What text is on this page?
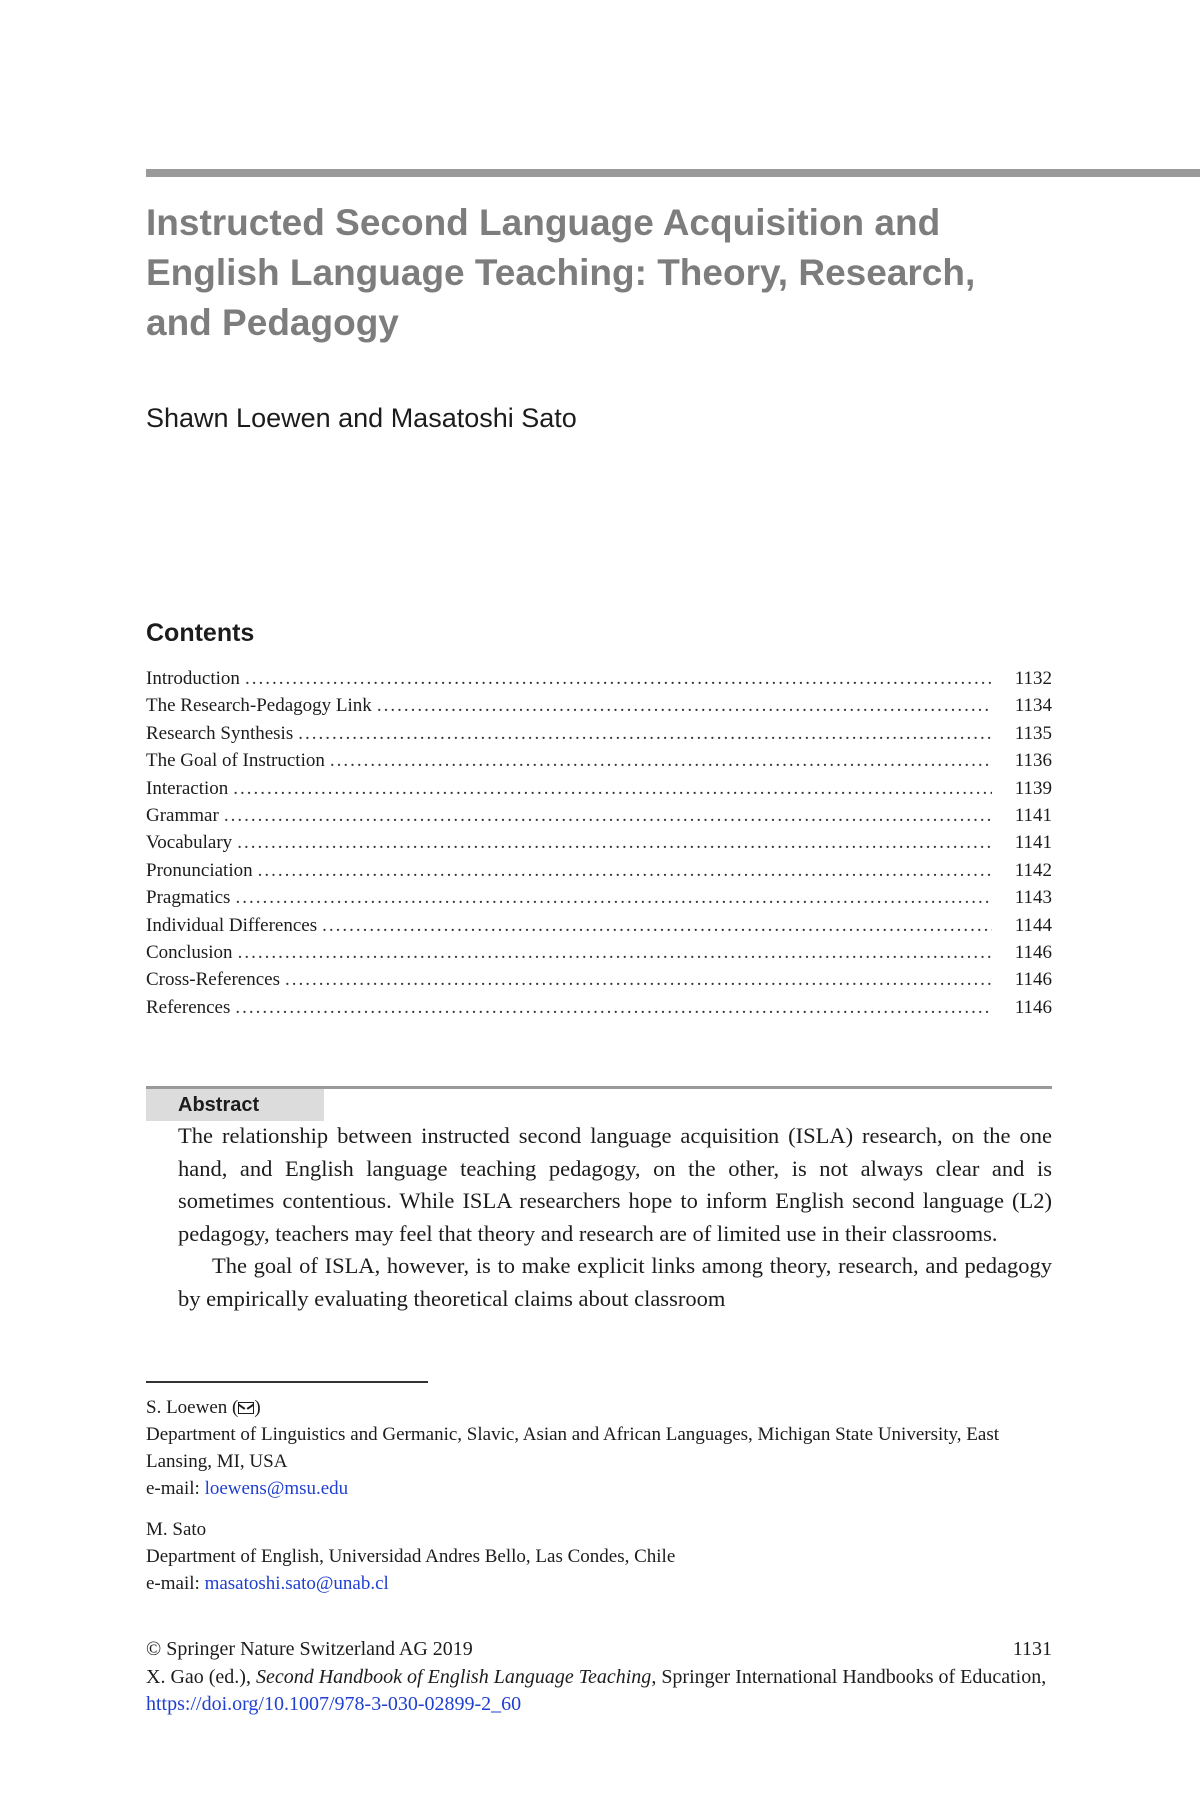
Instructed Second Language Acquisition and English Language Teaching: Theory, Research, and Pedagogy
Shawn Loewen and Masatoshi Sato
Contents
Introduction .....	1132
The Research-Pedagogy Link .....	1134
Research Synthesis .....	1135
The Goal of Instruction .....	1136
Interaction .....	1139
Grammar .....	1141
Vocabulary .....	1141
Pronunciation .....	1142
Pragmatics .....	1143
Individual Differences .....	1144
Conclusion .....	1146
Cross-References .....	1146
References .....	1146
Abstract

The relationship between instructed second language acquisition (ISLA) research, on the one hand, and English language teaching pedagogy, on the other, is not always clear and is sometimes contentious. While ISLA researchers hope to inform English second language (L2) pedagogy, teachers may feel that theory and research are of limited use in their classrooms.

The goal of ISLA, however, is to make explicit links among theory, research, and pedagogy by empirically evaluating theoretical claims about classroom

S. Loewen ( )
Department of Linguistics and Germanic, Slavic, Asian and African Languages, Michigan State University, East Lansing, MI, USA
e-mail: loewens@msu.edu
M. Sato
Department of English, Universidad Andres Bello, Las Condes, Chile
e-mail: masatoshi.sato@unab.cl
© Springer Nature Switzerland AG 2019	1131
X. Gao (ed.), Second Handbook of English Language Teaching, Springer International Handbooks of Education, https://doi.org/10.1007/978-3-030-02899-2_60
